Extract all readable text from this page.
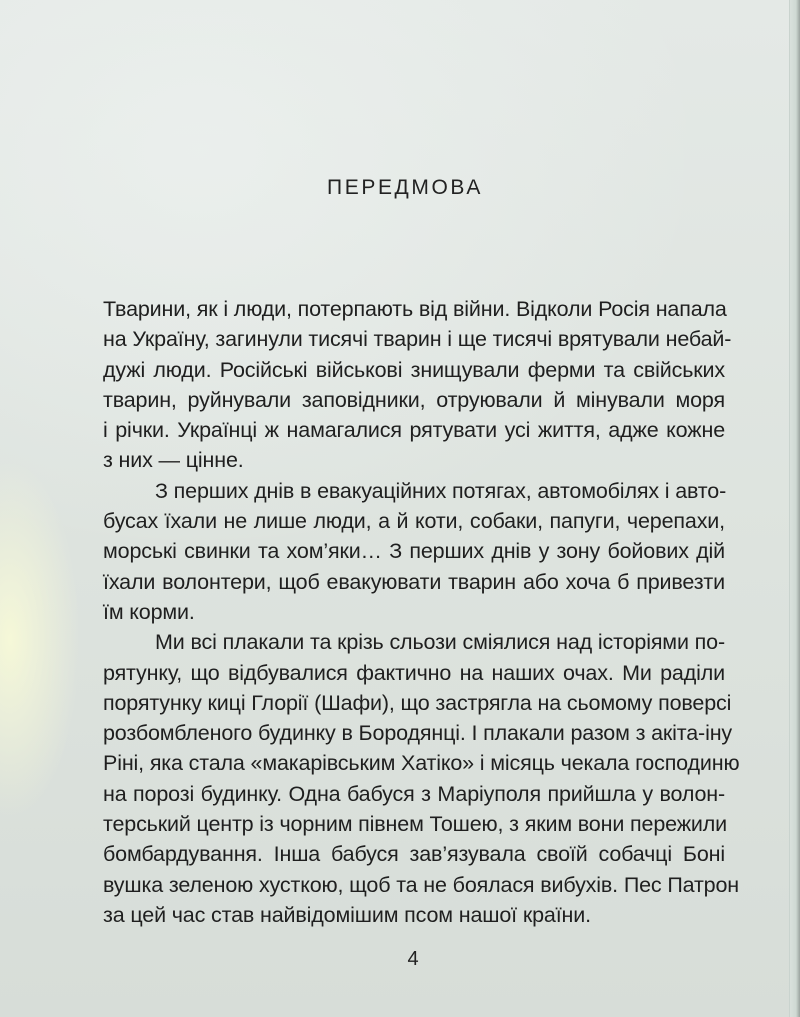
ПЕРЕДМОВА

Тварини, як і люди, потерпають від війни. Відколи Росія напала
на Україну, загинули тисячі тварин і ще тисячі врятували небай-
дужі люди. Російські військові знищували ферми та свійських
тварин, руйнували заповідники, отруювали й мінували моря
і річки. Українці ж намагалися рятувати усі життя, адже кожне
з них — цінне.

З перших днів в евакуаційних потягах, автомобілях і авто-
бусах їхали не лише люди, а й коти, собаки, папуги, черепахи,
морські свинки та хом’яки… З перших днів у зону бойових дій
їхали волонтери, щоб евакуювати тварин або хоча б привезти
їм корми.

Ми всі плакали та крізь сльози сміялися над історіями по-
рятунку, що відбувалися фактично на наших очах. Ми раділи
порятунку киці Глорії (Шафи), що застрягла на сьомому поверсі
розбомбленого будинку в Бородянці. І плакали разом з акіта-іну
Ріні, яка стала «макарівським Хатіко» і місяць чекала господиню
на порозі будинку. Одна бабуся з Маріуполя прийшла у волон-
терський центр із чорним півнем Тошею, з яким вони пережили
бомбардування. Інша бабуся зав’язувала своїй собачці Боні
вушка зеленою хусткою, щоб та не боялася вибухів. Пес Патрон
за цей час став найвідомішим псом нашої країни.

4
